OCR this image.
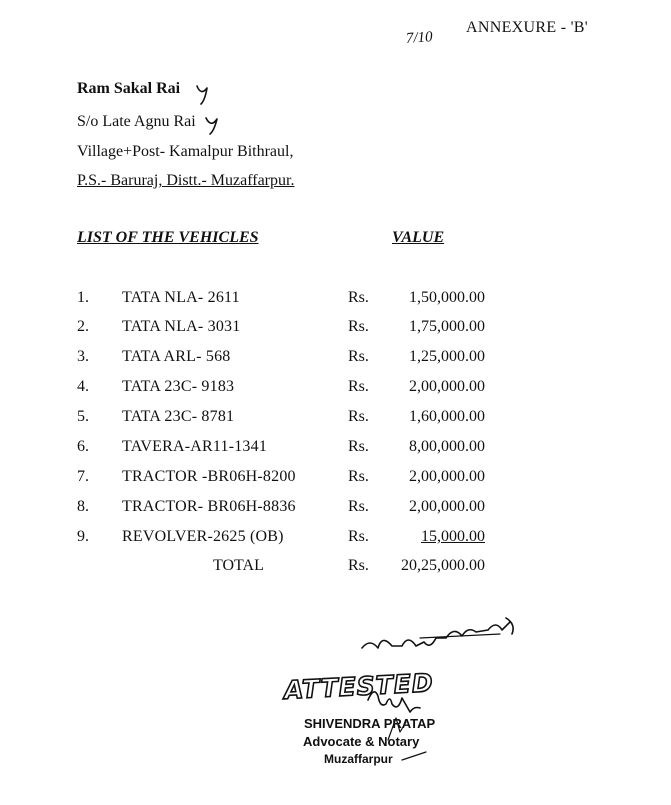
7/10
ANNEXURE - 'B'
Ram Sakal Rai
S/o Late Agnu Rai
Village+Post- Kamalpur Bithraul,
P.S.- Baruraj, Distt.- Muzaffarpur.
LIST OF THE VEHICLES	VALUE
1. TATA NLA- 2611	Rs.	1,50,000.00
2. TATA NLA- 3031	Rs.	1,75,000.00
3. TATA ARL- 568	Rs.	1,25,000.00
4. TATA 23C- 9183	Rs.	2,00,000.00
5. TATA 23C- 8781	Rs.	1,60,000.00
6. TAVERA-AR11-1341	Rs.	8,00,000.00
7. TRACTOR -BR06H-8200	Rs.	2,00,000.00
8. TRACTOR- BR06H-8836	Rs.	2,00,000.00
9. REVOLVER-2625 (OB)	Rs.	15,000.00
TOTAL	Rs.	20,25,000.00
ATTESTED
SHIVENDRA PRATAP
Advocate & Notary
Muzaffarpur
